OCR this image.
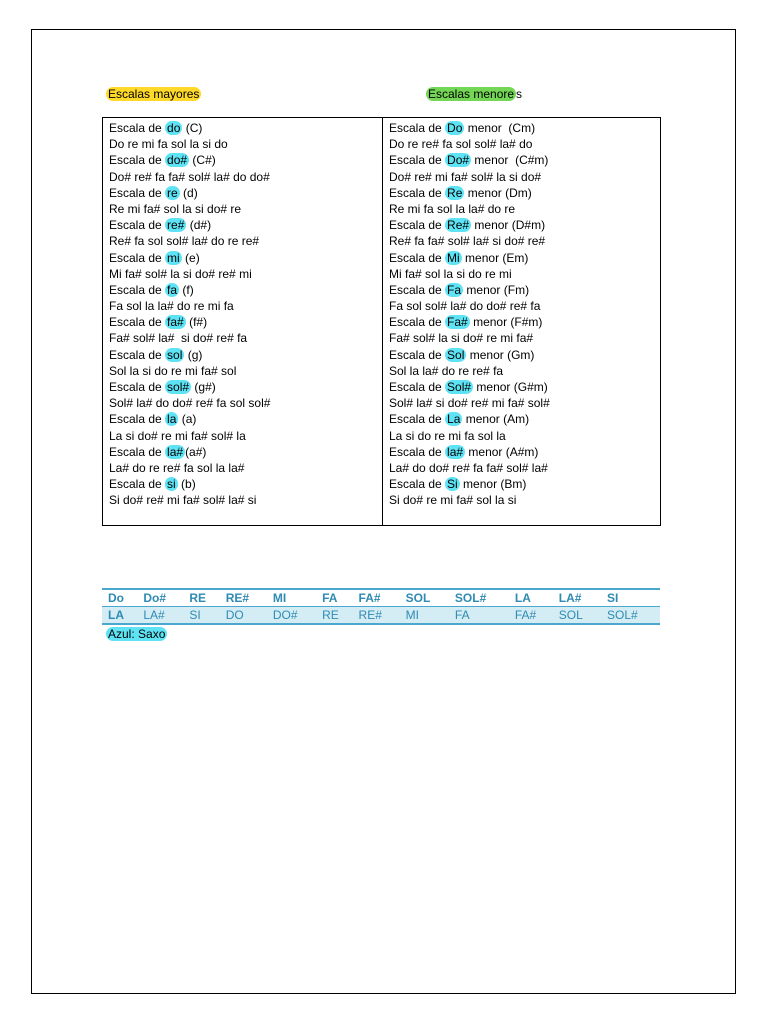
Escalas mayores	Escalas menore s
Escala de do (C)
Do re mi fa sol la si do
Escala de do# (C#)
Do# re# fa fa# sol# la# do do#
Escala de re (d)
Re mi fa# sol la si do# re
Escala de re# (d#)
Re# fa sol sol# la# do re re#
Escala de mi (e)
Mi fa# sol# la si do# re# mi
Escala de fa (f)
Fa sol la la# do re mi fa
Escala de fa# (f#)
Fa# sol# la#  si do# re# fa
Escala de sol (g)
Sol la si do re mi fa# sol
Escala de sol# (g#)
Sol# la# do do# re# fa sol sol#
Escala de la (a)
La si do# re mi fa# sol# la
Escala de la# (a#)
La# do re re# fa sol la la#
Escala de si (b)
Si do# re# mi fa# sol# la# si
Escala de Do menor  (Cm)
Do re re# fa sol sol# la# do
Escala de Do# menor  (C#m)
Do# re# mi fa# sol# la si do#
Escala de Re menor (Dm)
Re mi fa sol la la# do re
Escala de Re# menor (D#m)
Re# fa fa# sol# la# si do# re#
Escala de Mi menor (Em)
Mi fa# sol la si do re mi
Escala de Fa menor (Fm)
Fa sol sol# la# do do# re# fa
Escala de Fa# menor (F#m)
Fa# sol# la si do# re mi fa#
Escala de Sol menor (Gm)
Sol la la# do re re# fa
Escala de Sol# menor (G#m)
Sol# la# si do# re# mi fa# sol#
Escala de La menor (Am)
La si do re mi fa sol la
Escala de la# menor (A#m)
La# do do# re# fa fa# sol# la#
Escala de Si menor (Bm)
Si do# re mi fa# sol la si
Do	Do#	RE	RE#	MI	FA	FA#	SOL	SOL#	LA	LA#	SI
LA	LA#	SI	DO	DO#	RE	RE#	MI	FA	FA#	SOL	SOL#
Azul: Saxo
